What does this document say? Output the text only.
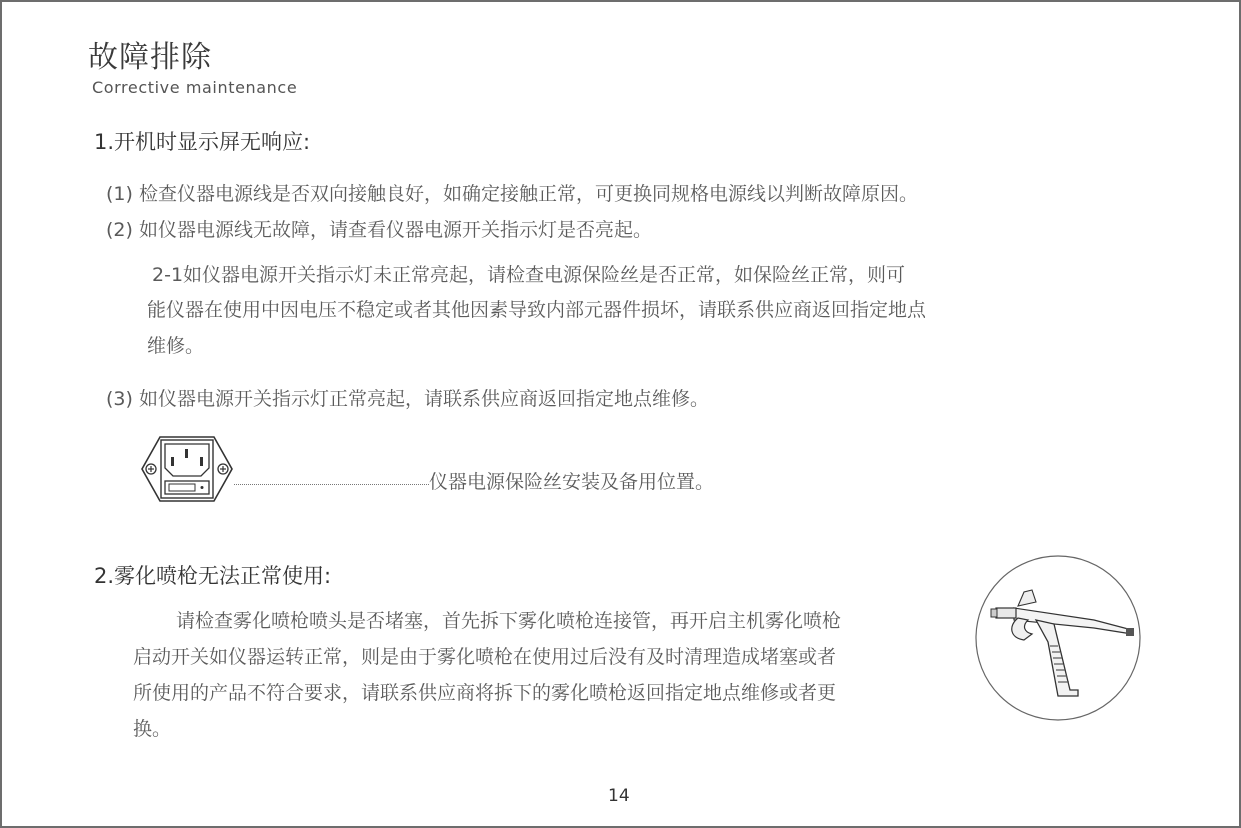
故障排除
Corrective maintenance
1.开机时显示屏无响应:
(1) 检查仪器电源线是否双向接触良好，如确定接触正常，可更换同规格电源线以判断故障原因。
(2) 如仪器电源线无故障，请查看仪器电源开关指示灯是否亮起。
2-1如仪器电源开关指示灯未正常亮起，请检查电源保险丝是否正常，如保险丝正常，则可
能仪器在使用中因电压不稳定或者其他因素导致内部元器件损坏，请联系供应商返回指定地点
维修。
(3) 如仪器电源开关指示灯正常亮起，请联系供应商返回指定地点维修。
仪器电源保险丝安装及备用位置。
2.雾化喷枪无法正常使用:
请检查雾化喷枪喷头是否堵塞，首先拆下雾化喷枪连接管，再开启主机雾化喷枪
启动开关如仪器运转正常，则是由于雾化喷枪在使用过后没有及时清理造成堵塞或者
所使用的产品不符合要求，请联系供应商将拆下的雾化喷枪返回指定地点维修或者更
换。
14
